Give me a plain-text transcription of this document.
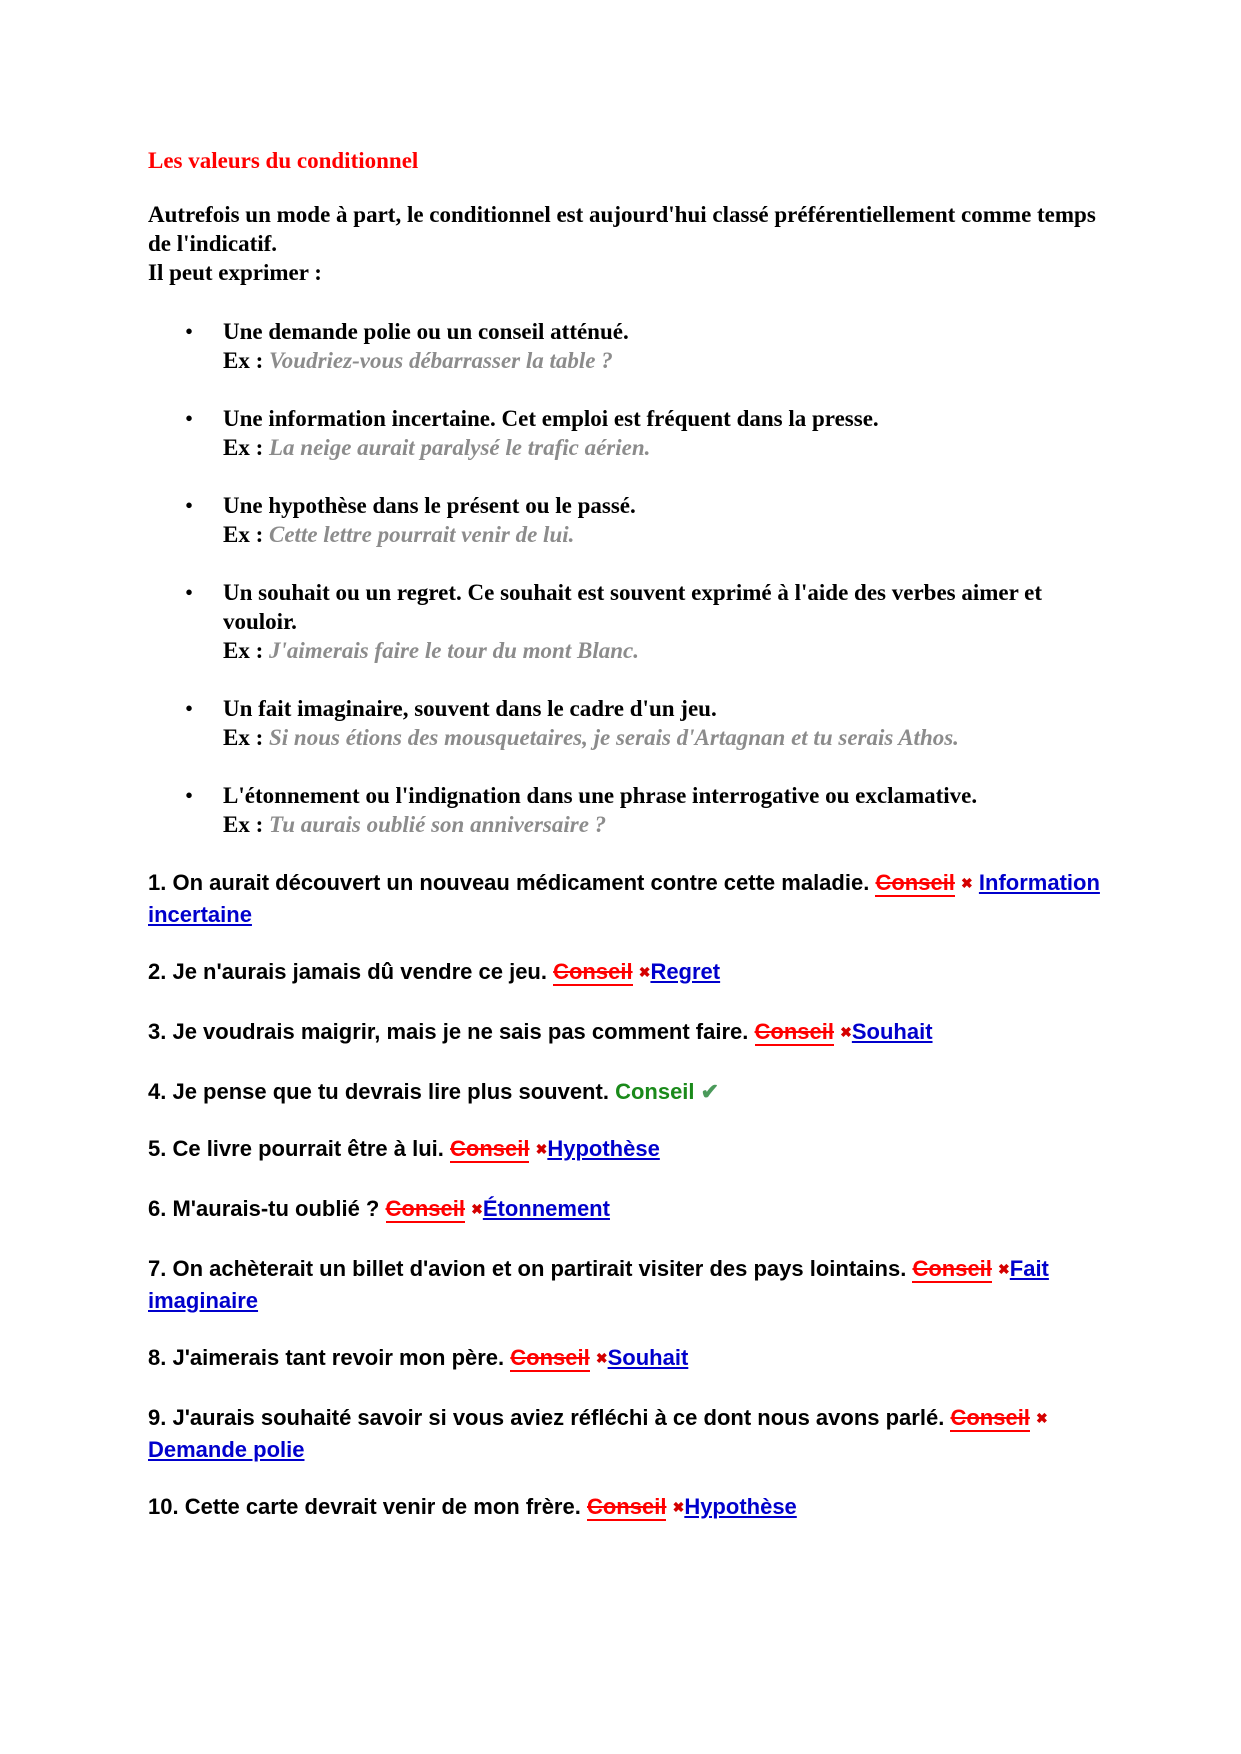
Les valeurs du conditionnel

Autrefois un mode à part, le conditionnel est aujourd'hui classé préférentiellement comme temps de l'indicatif.
Il peut exprimer :

• Une demande polie ou un conseil atténué.
Ex : Voudriez-vous débarrasser la table ?
• Une information incertaine. Cet emploi est fréquent dans la presse.
Ex : La neige aurait paralysé le trafic aérien.
• Une hypothèse dans le présent ou le passé.
Ex : Cette lettre pourrait venir de lui.
• Un souhait ou un regret. Ce souhait est souvent exprimé à l'aide des verbes aimer et vouloir.
Ex : J'aimerais faire le tour du mont Blanc.
• Un fait imaginaire, souvent dans le cadre d'un jeu.
Ex : Si nous étions des mousquetaires, je serais d'Artagnan et tu serais Athos.
• L'étonnement ou l'indignation dans une phrase interrogative ou exclamative.
Ex : Tu aurais oublié son anniversaire ?
1. On aurait découvert un nouveau médicament contre cette maladie. Conseil ✖ Information incertaine
2. Je n'aurais jamais dû vendre ce jeu. Conseil ✖Regret
3. Je voudrais maigrir, mais je ne sais pas comment faire. Conseil ✖Souhait
4. Je pense que tu devrais lire plus souvent. Conseil ✔
5. Ce livre pourrait être à lui. Conseil ✖Hypothèse
6. M'aurais-tu oublié ? Conseil ✖Étonnement
7. On achèterait un billet d'avion et on partirait visiter des pays lointains. Conseil ✖Fait imaginaire
8. J'aimerais tant revoir mon père. Conseil ✖Souhait
9. J'aurais souhaité savoir si vous aviez réfléchi à ce dont nous avons parlé. Conseil ✖ Demande polie
10. Cette carte devrait venir de mon frère. Conseil ✖Hypothèse
